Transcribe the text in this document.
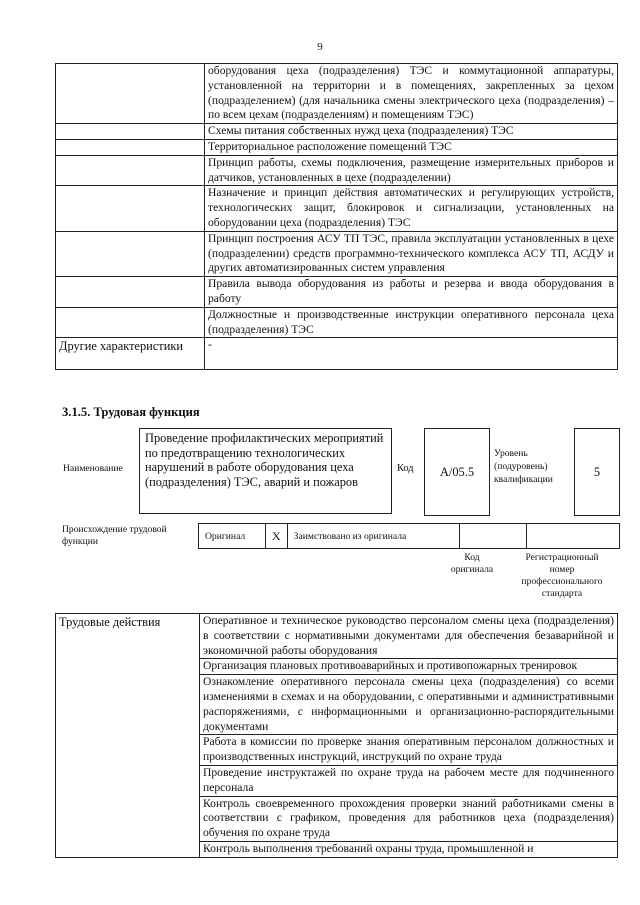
9
	оборудования цеха (подразделения) ТЭС и коммутационной аппаратуры, установленной на территории и в помещениях, закрепленных за цехом (подразделением) (для начальника смены электрического цеха (подразделения) – по всем цехам (подразделениям) и помещениям ТЭС)
	Схемы питания собственных нужд цеха (подразделения) ТЭС
	Территориальное расположение помещений ТЭС
	Принцип работы, схемы подключения, размещение измерительных приборов и датчиков, установленных в цехе (подразделении)
	Назначение и принцип действия автоматических и регулирующих устройств, технологических защит, блокировок и сигнализации, установленных на оборудовании цеха (подразделения) ТЭС
	Принцип построения АСУ ТП ТЭС, правила эксплуатации установленных в цехе (подразделении) средств программно-технического комплекса АСУ ТП, АСДУ и других автоматизированных систем управления
	Правила вывода оборудования из работы и резерва и ввода оборудования в работу
	Должностные и производственные инструкции оперативного персонала цеха (подразделения) ТЭС
Другие характеристики	-
3.1.5. Трудовая функция
Наименование
Проведение профилактических мероприятий по предотвращению технологических нарушений в работе оборудования цеха (подразделения) ТЭС, аварий и пожаров
Код	A/05.5
Уровень (подуровень) квалификации
5
Происхождение трудовой функции	Оригинал	X	Заимствовано из оригинала		
Код оригинала
Регистрационный номер профессионального стандарта
Трудовые действия	Оперативное и техническое руководство персоналом смены цеха (подразделения) в соответствии с нормативными документами для обеспечения безаварийной и экономичной работы оборудования
Организация плановых противоаварийных и противопожарных тренировок
Ознакомление оперативного персонала смены цеха (подразделения) со всеми изменениями в схемах и на оборудовании, с оперативными и административными распоряжениями, с информационными и организационно-распорядительными документами
Работа в комиссии по проверке знания оперативным персоналом должностных и производственных инструкций, инструкций по охране труда
Проведение инструктажей по охране труда на рабочем месте для подчиненного персонала
Контроль своевременного прохождения проверки знаний работниками смены в соответствии с графиком, проведения для работников цеха (подразделения) обучения по охране труда
Контроль выполнения требований охраны труда, промышленной и
